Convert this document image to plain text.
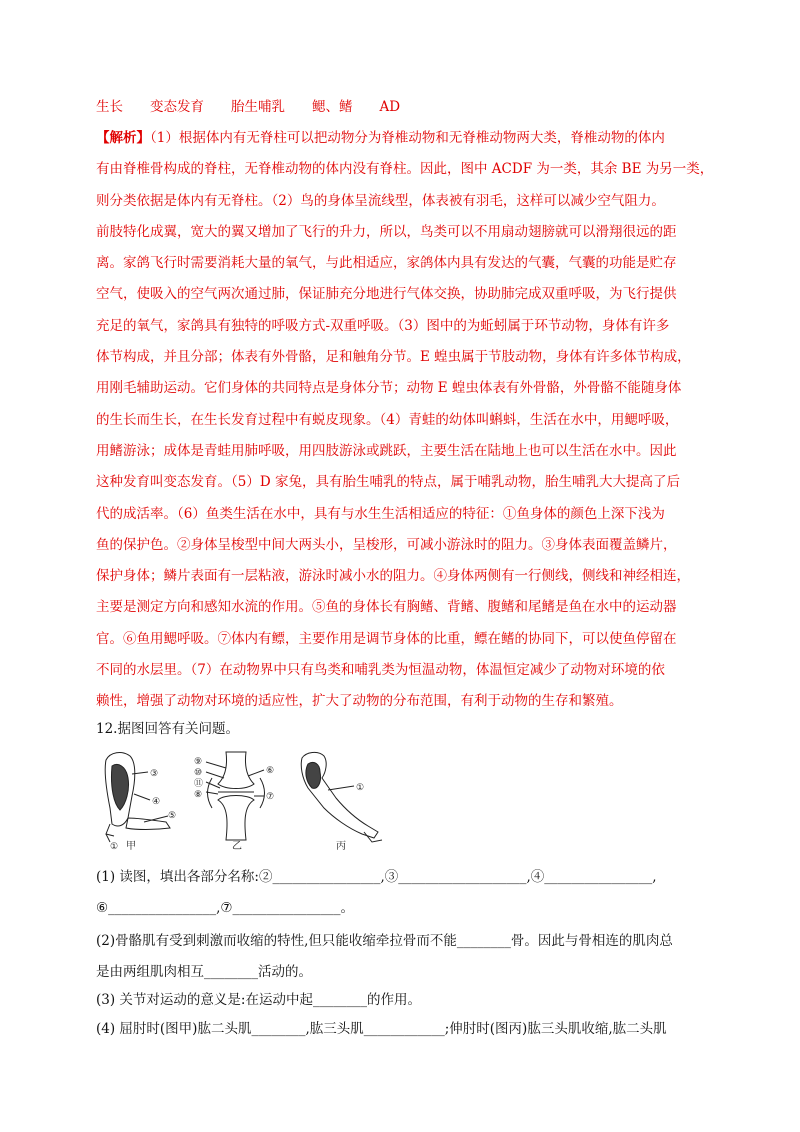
生长　　变态发育　　胎生哺乳　　鳃、鳍　　AD
【解析】（1）根据体内有无脊柱可以把动物分为脊椎动物和无脊椎动物两大类，脊椎动物的体内
有由脊椎骨构成的脊柱，无脊椎动物的体内没有脊柱。因此，图中 ACDF 为一类，其余 BE 为另一类，
则分类依据是体内有无脊柱。（2）鸟的身体呈流线型，体表被有羽毛，这样可以减少空气阻力。
前肢特化成翼，宽大的翼又增加了飞行的升力，所以，鸟类可以不用扇动翅膀就可以滑翔很远的距
离。家鸽飞行时需要消耗大量的氧气，与此相适应，家鸽体内具有发达的气囊，气囊的功能是贮存
空气，使吸入的空气两次通过肺，保证肺充分地进行气体交换，协助肺完成双重呼吸，为飞行提供
充足的氧气，家鸽具有独特的呼吸方式-双重呼吸。（3）图中的为蚯蚓属于环节动物，身体有许多
体节构成，并且分部；体表有外骨骼，足和触角分节。E 蝗虫属于节肢动物，身体有许多体节构成，
用刚毛辅助运动。它们身体的共同特点是身体分节；动物 E 蝗虫体表有外骨骼，外骨骼不能随身体
的生长而生长，在生长发育过程中有蜕皮现象。（4）青蛙的幼体叫蝌蚪，生活在水中，用鳃呼吸，
用鳍游泳；成体是青蛙用肺呼吸，用四肢游泳或跳跃，主要生活在陆地上也可以生活在水中。因此
这种发育叫变态发育。（5）D 家兔，具有胎生哺乳的特点，属于哺乳动物，胎生哺乳大大提高了后
代的成活率。（6）鱼类生活在水中，具有与水生生活相适应的特征：①鱼身体的颜色上深下浅为
鱼的保护色。②身体呈梭型中间大两头小，呈梭形，可减小游泳时的阻力。③身体表面覆盖鳞片，
保护身体；鳞片表面有一层粘液，游泳时减小水的阻力。④身体两侧有一行侧线，侧线和神经相连，
主要是测定方向和感知水流的作用。⑤鱼的身体长有胸鳍、背鳍、腹鳍和尾鳍是鱼在水中的运动器
官。⑥鱼用鳃呼吸。⑦体内有鳔，主要作用是调节身体的比重，鳔在鳍的协同下，可以使鱼停留在
不同的水层里。（7）在动物界中只有鸟类和哺乳类为恒温动物，体温恒定减少了动物对环境的依
赖性，增强了动物对环境的适应性，扩大了动物的分布范围，有利于动物的生存和繁殖。
12.据图回答有关问题。
③
④
⑤
① 甲
⑨
⑩
⑪
⑧
⑥
⑦
乙
①
丙
(1) 读图，填出各部分名称:②________________,③___________________,④________________,
⑥________________,⑦________________。
(2)骨骼肌有受到刺激而收缩的特性,但只能收缩牵拉骨而不能________骨。因此与骨相连的肌肉总
是由两组肌肉相互________活动的。
(3) 关节对运动的意义是:在运动中起________的作用。
(4) 屈肘时(图甲)肱二头肌________,肱三头肌____________;伸肘时(图丙)肱三头肌收缩,肱二头肌
